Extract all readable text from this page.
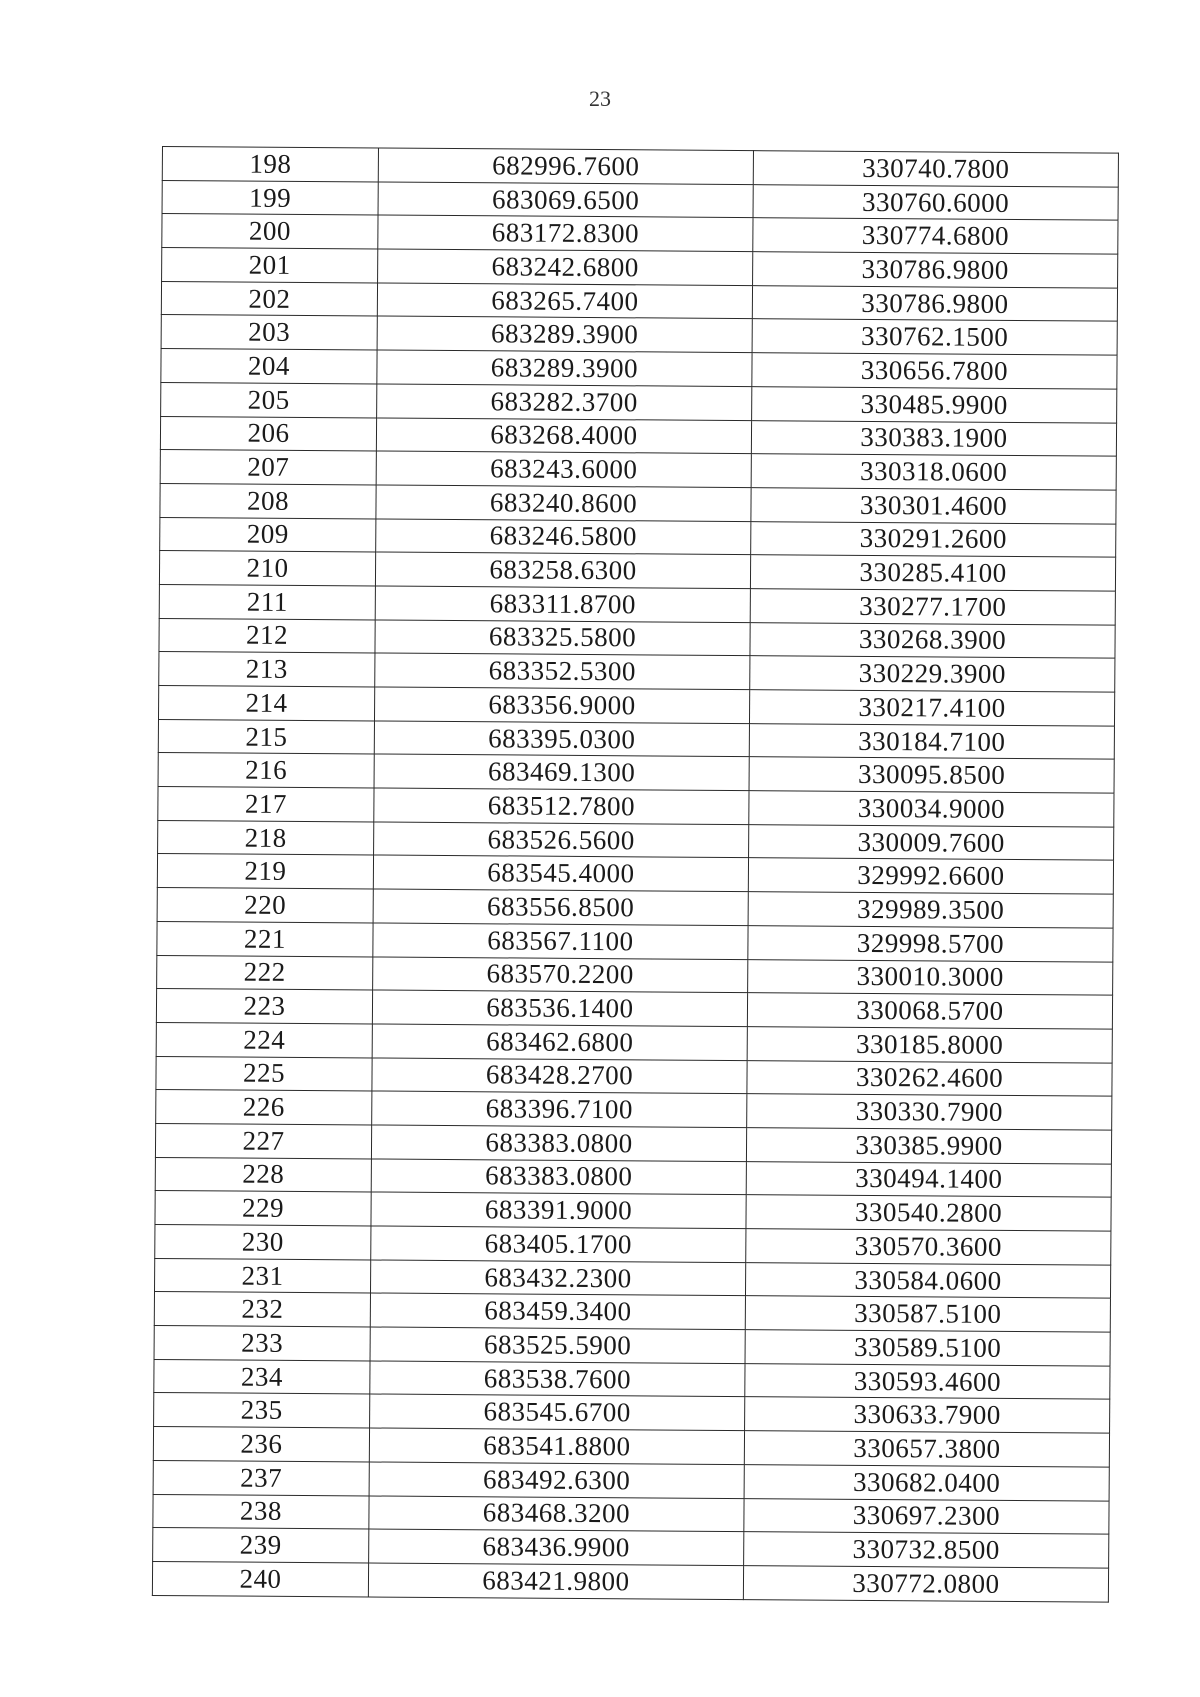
23
198	682996.7600	330740.7800
199	683069.6500	330760.6000
200	683172.8300	330774.6800
201	683242.6800	330786.9800
202	683265.7400	330786.9800
203	683289.3900	330762.1500
204	683289.3900	330656.7800
205	683282.3700	330485.9900
206	683268.4000	330383.1900
207	683243.6000	330318.0600
208	683240.8600	330301.4600
209	683246.5800	330291.2600
210	683258.6300	330285.4100
211	683311.8700	330277.1700
212	683325.5800	330268.3900
213	683352.5300	330229.3900
214	683356.9000	330217.4100
215	683395.0300	330184.7100
216	683469.1300	330095.8500
217	683512.7800	330034.9000
218	683526.5600	330009.7600
219	683545.4000	329992.6600
220	683556.8500	329989.3500
221	683567.1100	329998.5700
222	683570.2200	330010.3000
223	683536.1400	330068.5700
224	683462.6800	330185.8000
225	683428.2700	330262.4600
226	683396.7100	330330.7900
227	683383.0800	330385.9900
228	683383.0800	330494.1400
229	683391.9000	330540.2800
230	683405.1700	330570.3600
231	683432.2300	330584.0600
232	683459.3400	330587.5100
233	683525.5900	330589.5100
234	683538.7600	330593.4600
235	683545.6700	330633.7900
236	683541.8800	330657.3800
237	683492.6300	330682.0400
238	683468.3200	330697.2300
239	683436.9900	330732.8500
240	683421.9800	330772.0800
